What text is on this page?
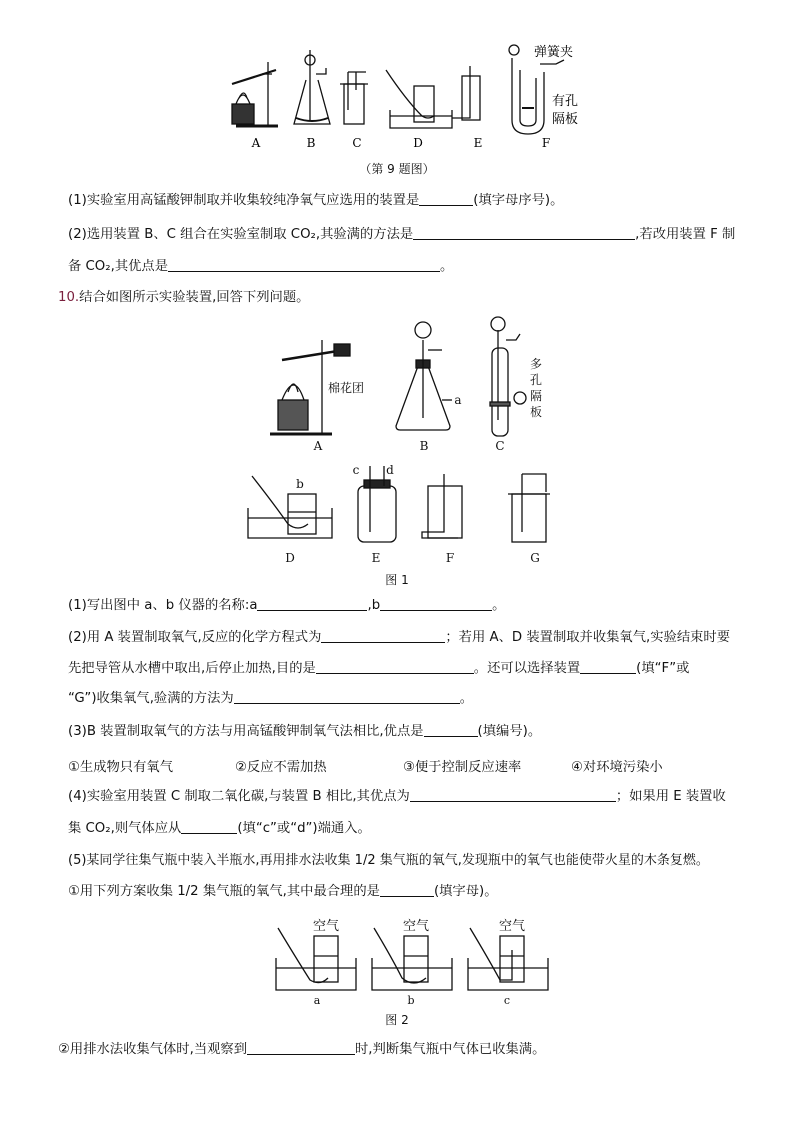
A	B	C	D	E	F
弹簧夹
有孔
隔板
（第 9 题图）
(1)实验室用高锰酸钾制取并收集较纯净氧气应选用的装置是	(填字母序号)。
(2)选用装置 B、C 组合在实验室制取 CO₂,其验满的方法是	,若改用装置 F 制
备 CO₂,其优点是	。
10.结合如图所示实验装置,回答下列问题。
A	B	C
D	E	F	G
a
b
c d
棉花团
多
孔
隔
板
图 1
(1)写出图中 a、b 仪器的名称:a	,b	。
(2)用 A 装置制取氧气,反应的化学方程式为	；若用 A、D 装置制取并收集氧气,实验结束时要
先把导管从水槽中取出,后停止加热,目的是	。还可以选择装置	(填“F”或
“G”)收集氧气,验满的方法为	。
(3)B 装置制取氧气的方法与用高锰酸钾制氧气法相比,优点是	(填编号)。
①生成物只有氧气	②反应不需加热	③便于控制反应速率	④对环境污染小
(4)实验室用装置 C 制取二氧化碳,与装置 B 相比,其优点为	；如果用 E 装置收
集 CO₂,则气体应从	(填“c”或“d”)端通入。
(5)某同学往集气瓶中装入半瓶水,再用排水法收集 1/2 集气瓶的氧气,发现瓶中的氧气也能使带火星的木条复燃。
①用下列方案收集 1/2 集气瓶的氧气,其中最合理的是	(填字母)。
空气	空气	空气
a	b	c
图 2
②用排水法收集气体时,当观察到	时,判断集气瓶中气体已收集满。
